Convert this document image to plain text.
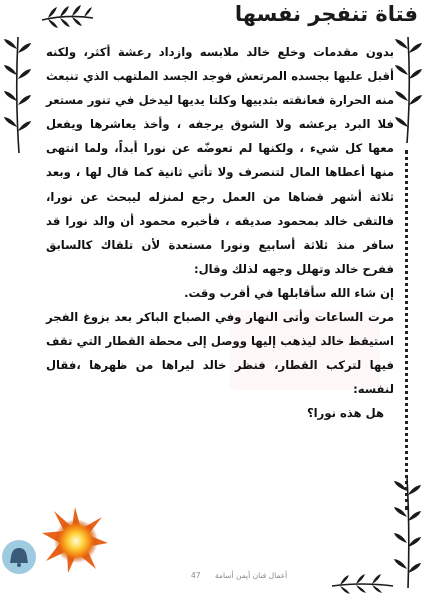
فتاة تنفجر نفسها

بدون مقدمات وخلع خالد ملابسه وازداد رعشة أكثر، ولكنه أقبل عليها بجسده المرتعش فوجد الجسد الملتهب الذي تنبعث منه الحرارة فعانقته بثدييها وكلتا يديها ليدخل في تنور مستعر فلا البرد يرعشه ولا الشوق يرجفه ، وأخذ يعاشرها ويفعل معها كل شيء ، ولكنها لم تعوضّه عن نورا أبداً، ولما انتهى منها أعطاها المال لتنصرف ولا تأتي ثانية كما قال لها ، وبعد ثلاثة أشهر قضاها من العمل رجع لمنزله ليبحث عن نورا، فالتقى خالد بمحمود صديقه ، فأخبره محمود أن والد نورا قد سافر منذ ثلاثة أسابيع ونورا مستعدة لأن تلقاك كالسابق ففرح خالد وتهلل وجهه لذلك وقال:

إن شاء الله سأقابلها في أقرب وقت.

مرت الساعات وأتى النهار وفي الصباح الباكر بعد بزوغ الفجر استيقظ خالد ليذهب إليها ووصل إلى محطة القطار التي تقف فيها لتركب القطار، فنظر خالد ليراها من ظهرها ،فقال لنفسه:

هل هذه نورا؟

أعمال فنان أيمن أسامة 47
